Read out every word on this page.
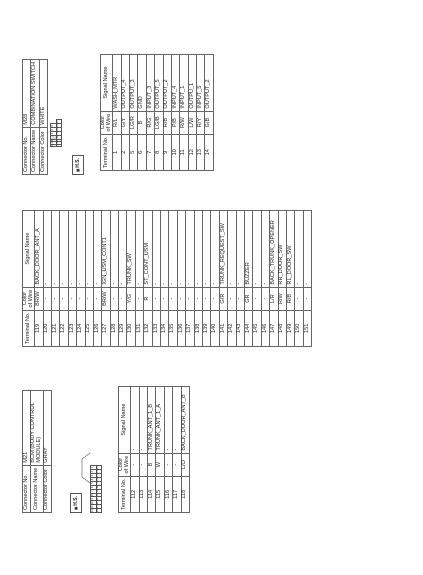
Connector No.	M21
Connector Name	BCM (BODY CONTROL MODULE)
Connector Color	GRAY
▣
H.S.
12	11	10	9	8	7	6	5	4	3	2	1
24	23	22	21	20	19	18	17	16	15	14	13
Terminal No.	Color of Wire	Signal Name
112	-	-
113	-	-
114	B	TRUNK_ANT_1_B
115	W	TRUNK_ANT_1_A
116	-	-
117	-	-
118	L/O	BACK_DOOR_ANT_B
Terminal No.	Color of Wire	Signal Name
119	BR/W	BACK_DOOR_ANT_A
120	-	-
121	-	-
122	-	-
123	-	-
124	-	-
125	-	-
126	-	-
127	BR/W	IGN_USM_CONT1
128	-	-
129	-	-
130	Y/G	TRUNK_SW
131	-	-
132	R	ST_CONT_USM
133	-	-
134	-	-
135	-	-
136	-	-
137	-	-
138	-	-
139	-	-
140	-	-
141	G/R	TRUNK_REQUEST_SW
142	-	-
143	-	-
144	GR	BUZZER
145	-	-
146	-	-
147	L/R	BACK_TRUNK_OPENER
148	R/W	RR_DOOR_SW
149	R/B	RL_DOOR_SW
150	-	-
151	-	-
Connector No.	M28
Connector Name	COMBINATION SWITCH
Connector Color	WHITE
▣
H.S.
1	2	3		4	5	6	
7	8	9	10	11	12	13	14
Terminal No.	Color of Wire	Signal Name
1	R/L	WASH_MTR
2	G/Y	OUTPUT_4
5	LG/R	OUTPUT_3
6	B	GND
7	R/G	INPUT_3
8	LG/B	OUTPUT_5
9	R/B	OUTPUT_2
10	P/B	INPUT_4
11	R/W	INPUT_1
12	L/W	OUTPU_1
13	R/Y	INPUT_5
14	G/B	OUTPUT_2
